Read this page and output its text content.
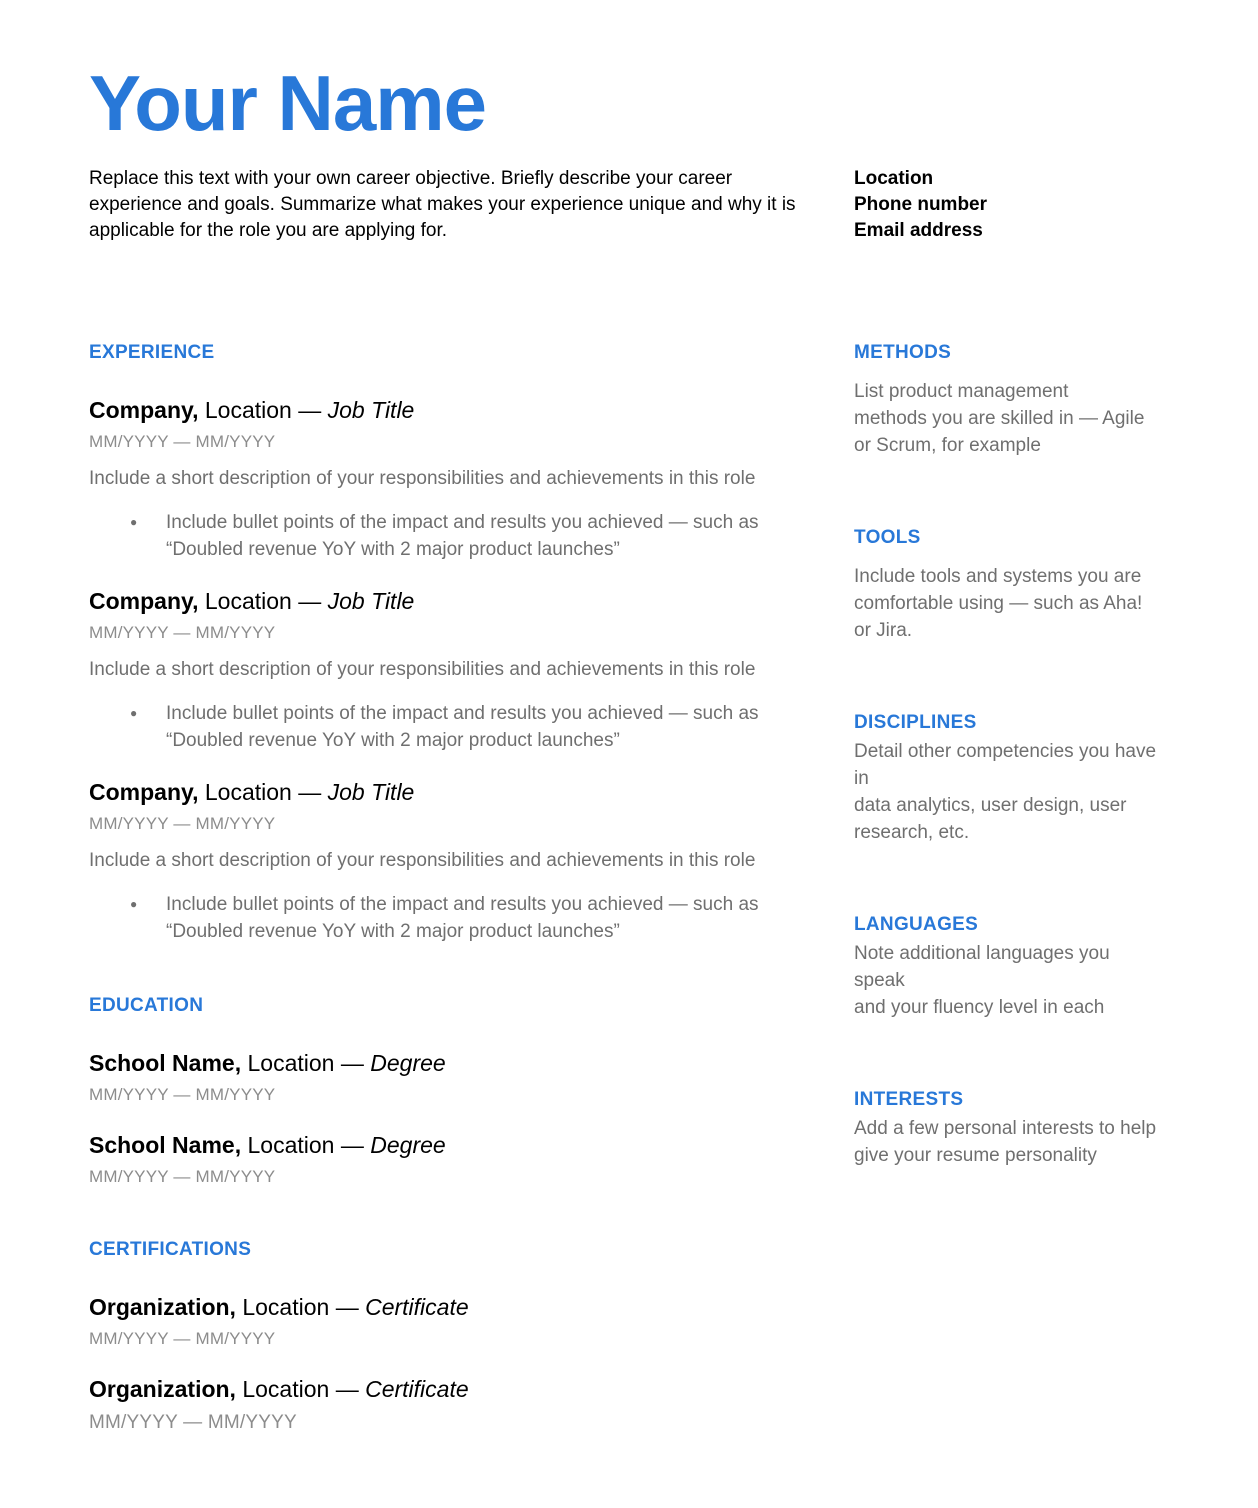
Your Name
Replace this text with your own career objective. Briefly describe your career
experience and goals. Summarize what makes your experience unique and why it is
applicable for the role you are applying for.
Location
Phone number
Email address
EXPERIENCE
Company, Location — Job Title
MM/YYYY — MM/YYYY
Include a short description of your responsibilities and achievements in this role
●	Include bullet points of the impact and results you achieved — such as
“Doubled revenue YoY with 2 major product launches”
Company, Location — Job Title
MM/YYYY — MM/YYYY
Include a short description of your responsibilities and achievements in this role
●	Include bullet points of the impact and results you achieved — such as
“Doubled revenue YoY with 2 major product launches”
Company, Location — Job Title
MM/YYYY — MM/YYYY
Include a short description of your responsibilities and achievements in this role
●	Include bullet points of the impact and results you achieved — such as
“Doubled revenue YoY with 2 major product launches”
EDUCATION
School Name, Location — Degree
MM/YYYY — MM/YYYY
School Name, Location — Degree
MM/YYYY — MM/YYYY
CERTIFICATIONS
Organization, Location — Certificate
MM/YYYY — MM/YYYY
Organization, Location — Certificate
MM/YYYY — MM/YYYY
METHODS
List product management
methods you are skilled in — Agile
or Scrum, for example
TOOLS
Include tools and systems you are
comfortable using — such as Aha!
or Jira.
DISCIPLINES
Detail other competencies you have in
data analytics, user design, user
research, etc.
LANGUAGES
Note additional languages you speak
and your fluency level in each
INTERESTS
Add a few personal interests to help
give your resume personality
